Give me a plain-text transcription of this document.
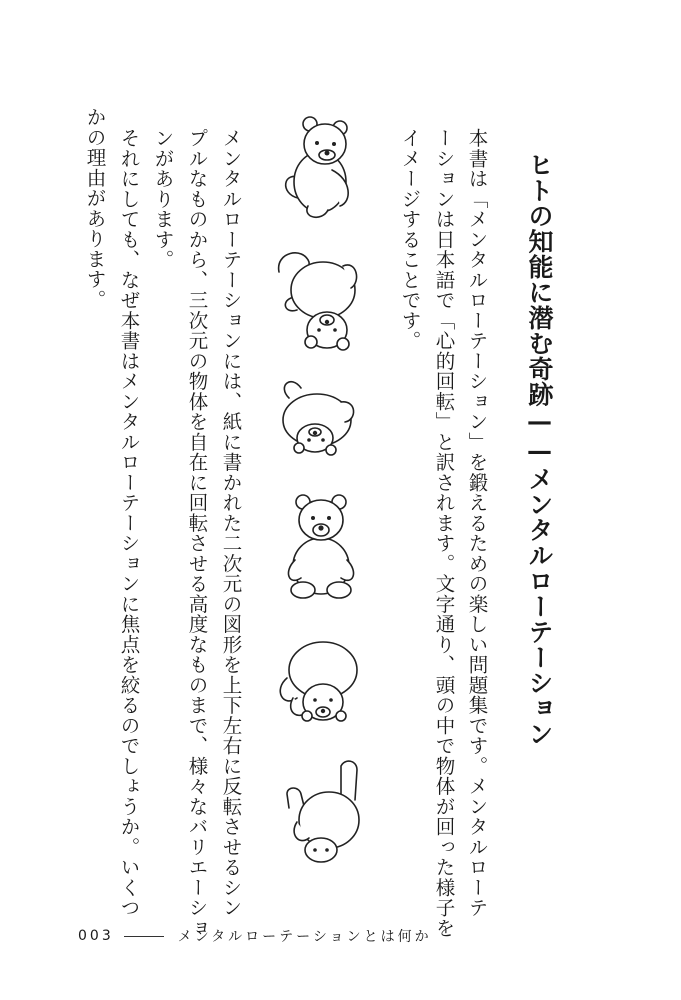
ヒトの知能に潜む奇跡——メンタルローテーション
本書は「メンタルローテーション」を鍛えるための楽しい問題集です。メンタルローテ
ーションは日本語で「心的回転」と訳されます。文字通り、頭の中で物体が回った様子を
イメージすることです。
メンタルローテーションには、紙に書かれた二次元の図形を上下左右に反転させるシン
プルなものから、三次元の物体を自在に回転させる高度なものまで、様々なバリエーショ
ンがあります。
それにしても、なぜ本書はメンタルローテーションに焦点を絞るのでしょうか。いくつ
かの理由があります。
003	メンタルローテーションとは何か
